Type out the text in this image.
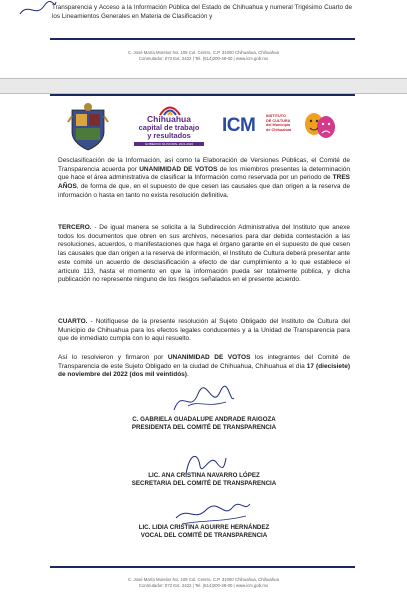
Transparencia y Acceso a la Información Pública del Estado de Chihuahua y numeral Trigésimo Cuarto de los Lineamientos Generales en Materia de Clasificación y
C. José María Morelos No. 109 Col. Centro, C.P. 31000 Chihuahua, Chihuahua
Conmutador: 072 Ext. 2422 | Tel. (614)200-48-00 | www.icm.gob.mx
Chihuahua
capital de trabajo
y resultados
GOBIERNO MUNICIPAL 2021-2024
ICM	INSTITUTO
DE CULTURA
del Municipio
de Chihuahua
Desclasificación de la Información, así como la Elaboración de Versiones Públicas, el Comité de Transparencia acuerda por UNANIMIDAD DE VOTOS de los miembros presentes la determinación que hace el área administrativa de clasificar la Información como reservada por un periodo de TRES AÑOS, de forma de que, en el supuesto de que cesen las causales que dan origen a la reserva de información o hasta en tanto no exista resolución definitiva.
TERCERO. - De igual manera se solicita a la Subdirección Administrativa del Instituto que anexe todos los documentos que obren en sus archivos, necesarios para dar debida contestación a las resoluciones, acuerdos, o manifestaciones que haga el órgano garante en el supuesto de que cesen las causales que dan origen a la reserva de información, el Instituto de Cultura deberá presentar ante este comité un acuerdo de desclasificación a efecto de dar cumplimiento a lo que establece el artículo 113, hasta el momento en que la información pueda ser totalmente pública, y dicha publicación no represente ninguno de los riesgos señalados en el presente acuerdo.
CUARTO. - Notifíquese de la presente resolución al Sujeto Obligado del Instituto de Cultura del Municipio de Chihuahua para los efectos legales conducentes y a la Unidad de Transparencia para que de inmediato cumpla con lo aquí resuelto.
Así lo resolvieron y firmaron por UNANIMIDAD DE VOTOS los integrantes del Comité de Transparencia de este Sujeto Obligado en la ciudad de Chihuahua, Chihuahua el día 17 (diecisiete) de noviembre del 2022 (dos mil veintidós).
C. GABRIELA GUADALUPE ANDRADE RAIGOZA
PRESIDENTA DEL COMITÉ DE TRANSPARENCIA
LIC. ANA CRISTINA NAVARRO LÓPEZ
SECRETARIA DEL COMITÉ DE TRANSPARENCIA
LIC. LIDIA CRISTINA AGUIRRE HERNÁNDEZ
VOCAL DEL COMITÉ DE TRANSPARENCIA
C. José María Morelos No. 109 Col. Centro, C.P. 31000 Chihuahua, Chihuahua
Conmutador: 072 Ext. 2422 | Tel. (614)200-48-00 | www.icm.gob.mx
